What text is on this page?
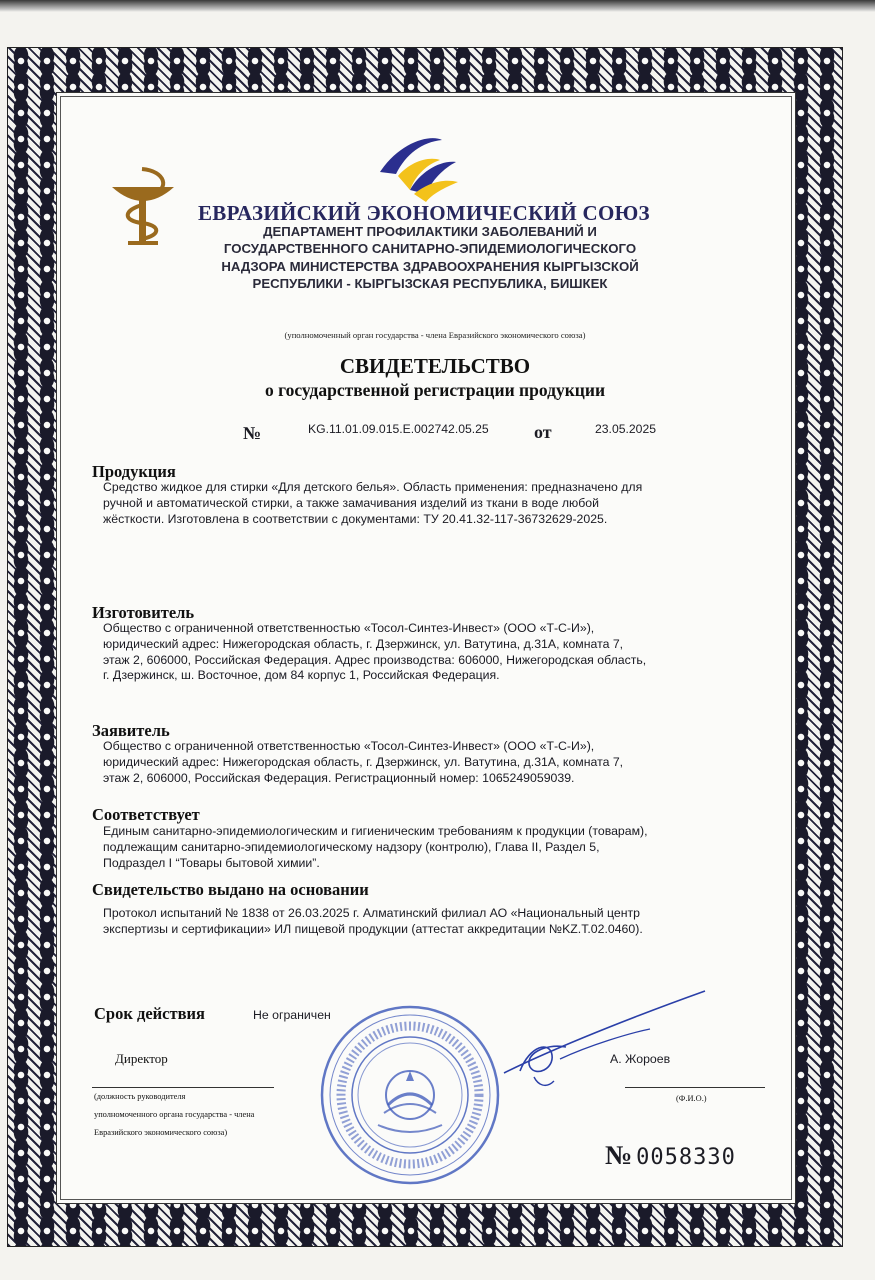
ЕВРАЗИЙСКИЙ ЭКОНОМИЧЕСКИЙ СОЮЗ
ДЕПАРТАМЕНТ ПРОФИЛАКТИКИ ЗАБОЛЕВАНИЙ И
ГОСУДАРСТВЕННОГО САНИТАРНО-ЭПИДЕМИОЛОГИЧЕСКОГО
НАДЗОРА МИНИСТЕРСТВА ЗДРАВООХРАНЕНИЯ КЫРГЫЗСКОЙ
РЕСПУБЛИКИ - КЫРГЫЗСКАЯ РЕСПУБЛИКА, БИШКЕК
(уполномоченный орган государства - члена Евразийского экономического союза)
СВИДЕТЕЛЬСТВО
о государственной регистрации продукции
№	KG.11.01.09.015.E.002742.05.25	от	23.05.2025
Продукция
Средство жидкое для стирки «Для детского белья». Область применения: предназначено для
ручной и автоматической стирки, а также замачивания изделий из ткани в воде любой
жёсткости. Изготовлена в соответствии с документами: ТУ 20.41.32-117-36732629-2025.
Изготовитель
Общество с ограниченной ответственностью «Тосол-Синтез-Инвест» (ООО «Т-С-И»),
юридический адрес: Нижегородская область, г. Дзержинск, ул. Ватутина, д.31А, комната 7,
этаж 2, 606000, Российская Федерация. Адрес производства: 606000, Нижегородская область,
г. Дзержинск, ш. Восточное, дом 84 корпус 1, Российская Федерация.
Заявитель
Общество с ограниченной ответственностью «Тосол-Синтез-Инвест» (ООО «Т-С-И»),
юридический адрес: Нижегородская область, г. Дзержинск, ул. Ватутина, д.31А, комната 7,
этаж 2, 606000, Российская Федерация. Регистрационный номер: 1065249059039.
Соответствует
Единым санитарно-эпидемиологическим и гигиеническим требованиям к продукции (товарам),
подлежащим санитарно-эпидемиологическому надзору (контролю), Глава II, Раздел 5,
Подраздел I “Товары бытовой химии”.
Свидетельство выдано на основании
Протокол испытаний № 1838 от 26.03.2025 г. Алматинский филиал АО «Национальный центр
экспертизы и сертификации» ИЛ пищевой продукции (аттестат аккредитации №KZ.T.02.0460).
Срок действия	Не ограничен
Директор
(должность руководителя
уполномоченного органа государства - члена
Евразийского экономического союза)
А. Жороев
(Ф.И.О.)
№ 0058330
